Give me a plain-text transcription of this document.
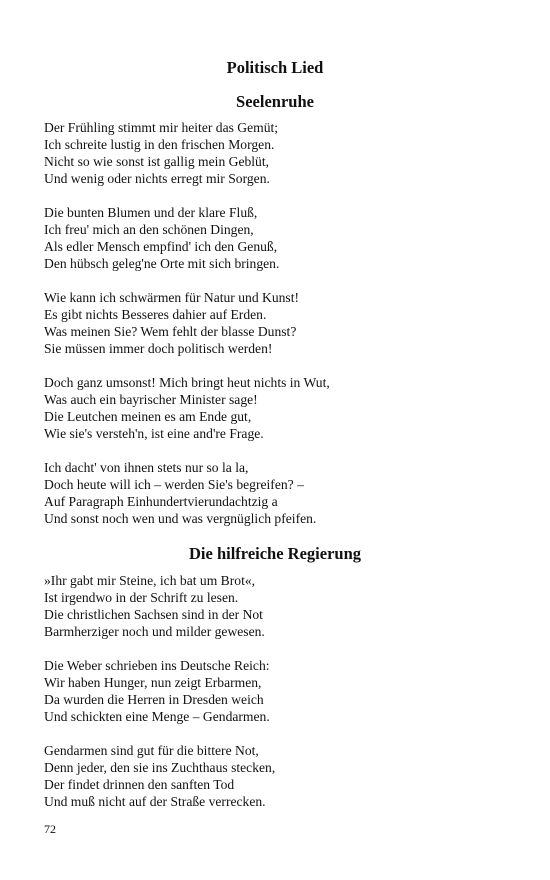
Politisch Lied
Seelenruhe
Der Frühling stimmt mir heiter das Gemüt;
Ich schreite lustig in den frischen Morgen.
Nicht so wie sonst ist gallig mein Geblüt,
Und wenig oder nichts erregt mir Sorgen.
Die bunten Blumen und der klare Fluß,
Ich freu' mich an den schönen Dingen,
Als edler Mensch empfind' ich den Genuß,
Den hübsch geleg'ne Orte mit sich bringen.
Wie kann ich schwärmen für Natur und Kunst!
Es gibt nichts Besseres dahier auf Erden.
Was meinen Sie? Wem fehlt der blasse Dunst?
Sie müssen immer doch politisch werden!
Doch ganz umsonst! Mich bringt heut nichts in Wut,
Was auch ein bayrischer Minister sage!
Die Leutchen meinen es am Ende gut,
Wie sie's versteh'n, ist eine and're Frage.
Ich dacht' von ihnen stets nur so la la,
Doch heute will ich – werden Sie's begreifen? –
Auf Paragraph Einhundertvierundachtzig a
Und sonst noch wen und was vergnüglich pfeifen.
Die hilfreiche Regierung
»Ihr gabt mir Steine, ich bat um Brot«,
Ist irgendwo in der Schrift zu lesen.
Die christlichen Sachsen sind in der Not
Barmherziger noch und milder gewesen.
Die Weber schrieben ins Deutsche Reich:
Wir haben Hunger, nun zeigt Erbarmen,
Da wurden die Herren in Dresden weich
Und schickten eine Menge – Gendarmen.
Gendarmen sind gut für die bittere Not,
Denn jeder, den sie ins Zuchthaus stecken,
Der findet drinnen den sanften Tod
Und muß nicht auf der Straße verrecken.
72
